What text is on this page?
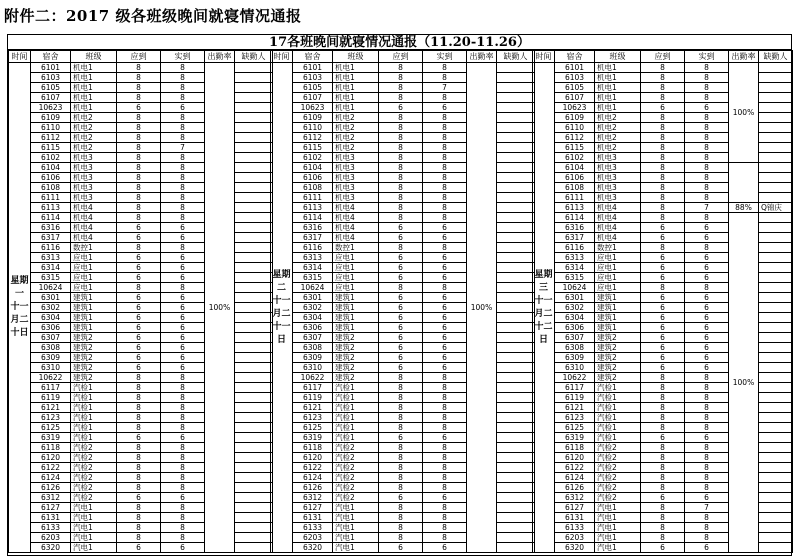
附件二：2017 级各班级晚间就寝情况通报
17各班晚间就寝情况通报（11.20-11.26）
时间	宿舍	班级	应到	实到	出勤率	缺勤人
星期一 十一月二十日	6101	机电1	8	8	100%	
	6103	机电1	8	8		
	6105	机电1	8	8		
	6107	机电1	8	8		
	10623	机电1	6	6		
	6109	机电2	8	8		
	6110	机电2	8	8		
	6112	机电2	8	8		
	6115	机电2	8	7		
	6102	机电3	8	8		
	6104	机电3	8	8		
	6106	机电3	8	8		
	6108	机电3	8	8		
	6111	机电3	8	8		
	6113	机电4	8	8		
	6114	机电4	8	8		
	6316	机电4	6	6		
	6317	机电4	6	6		
	6116	数控1	8	8		
	6313	应电1	6	6		
	6314	应电1	6	6		
	6315	应电1	6	6		
	10624	应电1	8	8		
	6301	建筑1	6	6		
	6302	建筑1	6	6		
	6304	建筑1	6	6		
	6306	建筑1	6	6		
	6307	建筑2	6	6		
	6308	建筑2	6	6		
	6309	建筑2	6	6		
	6310	建筑2	6	6		
	10622	建筑2	8	8		
	6117	汽检1	8	8		
	6119	汽检1	8	8		
	6121	汽检1	8	8		
	6123	汽检1	8	8		
	6125	汽检1	8	8		
	6319	汽检1	6	6		
	6118	汽检2	8	8		
	6120	汽检2	8	8		
	6122	汽检2	8	8		
	6124	汽检2	8	8		
	6126	汽检2	8	8		
	6312	汽检2	6	6		
	6127	汽电1	8	8		
	6131	汽电1	8	8		
	6133	汽电1	8	8		
	6203	汽电1	8	8		
	6320	汽电1	6	6		
时间	宿舍	班级	应到	实到	出勤率	缺勤人
星期二 十一月二十一日	6101	机电1	8	8	100%	
	6103	机电1	8	8		
	6105	机电1	8	7		
	6107	机电1	8	8		
	10623	机电1	6	6		
	6109	机电2	8	8		
	6110	机电2	8	8		
	6112	机电2	8	8		
	6115	机电2	8	8		
	6102	机电3	8	8		
	6104	机电3	8	8		
	6106	机电3	8	8		
	6108	机电3	8	8		
	6111	机电3	8	8		
	6113	机电4	8	8		
	6114	机电4	8	8		
	6316	机电4	6	6		
	6317	机电4	6	6		
	6116	数控1	8	8		
	6313	应电1	6	6		
	6314	应电1	6	6		
	6315	应电1	6	6		
	10624	应电1	8	8		
	6301	建筑1	6	6		
	6302	建筑1	6	6		
	6304	建筑1	6	6		
	6306	建筑1	6	6		
	6307	建筑2	6	6		
	6308	建筑2	6	6		
	6309	建筑2	6	6		
	6310	建筑2	6	6		
	10622	建筑2	8	8		
	6117	汽检1	8	8		
	6119	汽检1	8	8		
	6121	汽检1	8	8		
	6123	汽检1	8	8		
	6125	汽检1	8	8		
	6319	汽检1	6	6		
	6118	汽检2	8	8		
	6120	汽检2	8	8		
	6122	汽检2	8	8		
	6124	汽检2	8	8		
	6126	汽检2	8	8		
	6312	汽检2	6	6		
	6127	汽电1	8	8		
	6131	汽电1	8	8		
	6133	汽电1	8	8		
	6203	汽电1	8	8		
	6320	汽电1	6	6		
时间	宿舍	班级	应到	实到	出勤率	缺勤人
星期三 十一月二十二日	6101	机电1	8	8	100%	
	6103	机电1	8	8		
	6105	机电1	8	8		
	6107	机电1	8	8		
	10623	机电1	6	6		
	6109	机电2	8	8		
	6110	机电2	8	8		
	6112	机电2	8	8		
	6115	机电2	8	8		
	6102	机电3	8	8		
	6104	机电3	8	8		
	6106	机电3	8	8		
	6108	机电3	8	8		
	6111	机电3	8	8		
	6113	机电4	8	7	88%	Q锦庆
	6114	机电4	8	8	100%	
	6316	机电4	6	6		
	6317	机电4	6	6		
	6116	数控1	8	8		
	6313	应电1	6	6		
	6314	应电1	6	6		
	6315	应电1	6	6		
	10624	应电1	8	8		
	6301	建筑1	6	6		
	6302	建筑1	6	6		
	6304	建筑1	6	6		
	6306	建筑1	6	6		
	6307	建筑2	6	6		
	6308	建筑2	6	6		
	6309	建筑2	6	6		
	6310	建筑2	6	6		
	10622	建筑2	8	8		
	6117	汽检1	8	8		
	6119	汽检1	8	8		
	6121	汽检1	8	8		
	6123	汽检1	8	8		
	6125	汽检1	8	8		
	6319	汽检1	6	6		
	6118	汽检2	8	8		
	6120	汽检2	8	8		
	6122	汽检2	8	8		
	6124	汽检2	8	8		
	6126	汽检2	8	8		
	6312	汽检2	6	6		
	6127	汽电1	8	7		
	6131	汽电1	8	8		
	6133	汽电1	8	8		
	6203	汽电1	8	8		
	6320	汽电1	6	6		
